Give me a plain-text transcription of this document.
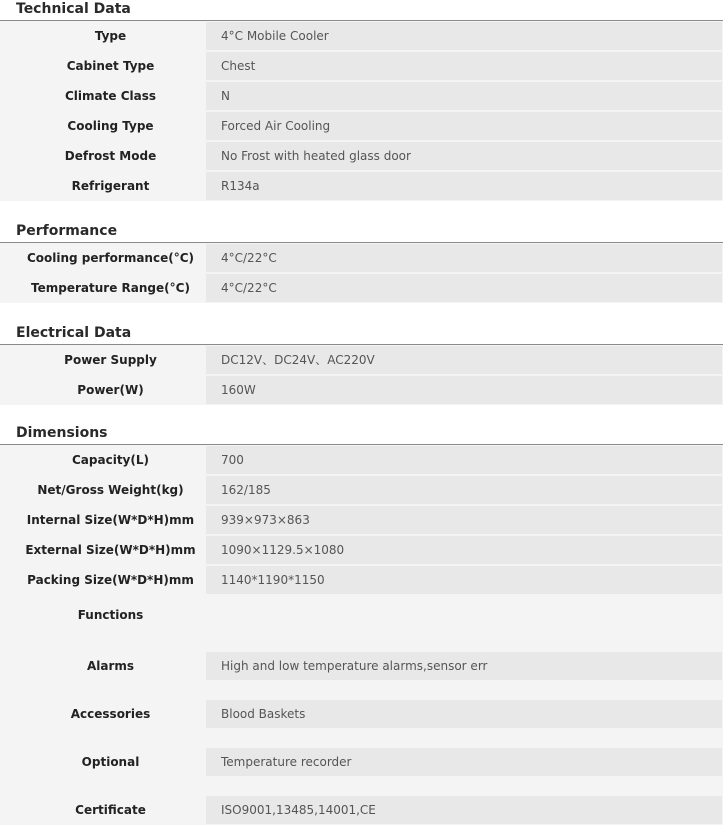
Technical Data
Type	4°C Mobile Cooler
Cabinet Type	Chest
Climate Class	N
Cooling Type	Forced Air Cooling
Defrost Mode	No Frost with heated glass door
Refrigerant	R134a
Performance
Cooling performance(°C)	4°C/22°C
Temperature Range(°C)	4°C/22°C
Electrical Data
Power Supply	DC12V、DC24V、AC220V
Power(W)	160W
Dimensions
Capacity(L)	700
Net/Gross Weight(kg)	162/185
Internal Size(W*D*H)mm	939×973×863
External Size(W*D*H)mm	1090×1129.5×1080
Packing Size(W*D*H)mm	1140*1190*1150
Functions
Alarms	High and low temperature alarms,sensor err
Accessories	Blood Baskets
Optional	Temperature recorder
Certificate	ISO9001,13485,14001,CE
